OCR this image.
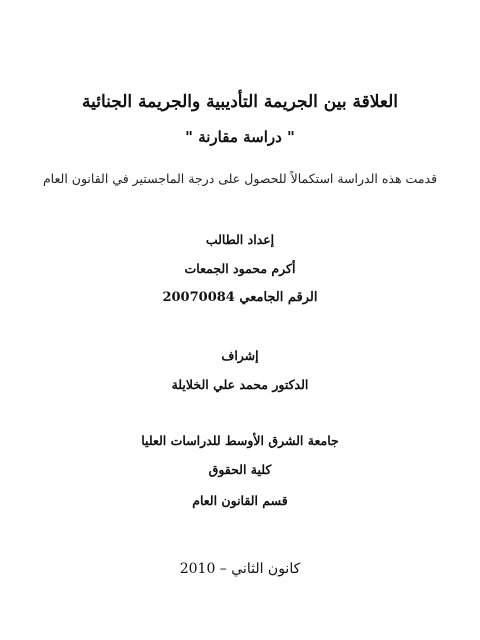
العلاقة بين الجريمة التأديبية والجريمة الجنائية
" دراسة مقارنة "
قدمت هذه الدراسة استكمالاً للحصول على درجة الماجستير في القانون العام
إعداد الطالب
أكرم محمود الجمعات
الرقم الجامعي 20070084
إشراف
الدكتور محمد علي الخلايلة
جامعة الشرق الأوسط للدراسات العليا
كلية الحقوق
قسم القانون العام
كانون الثاني – 2010
